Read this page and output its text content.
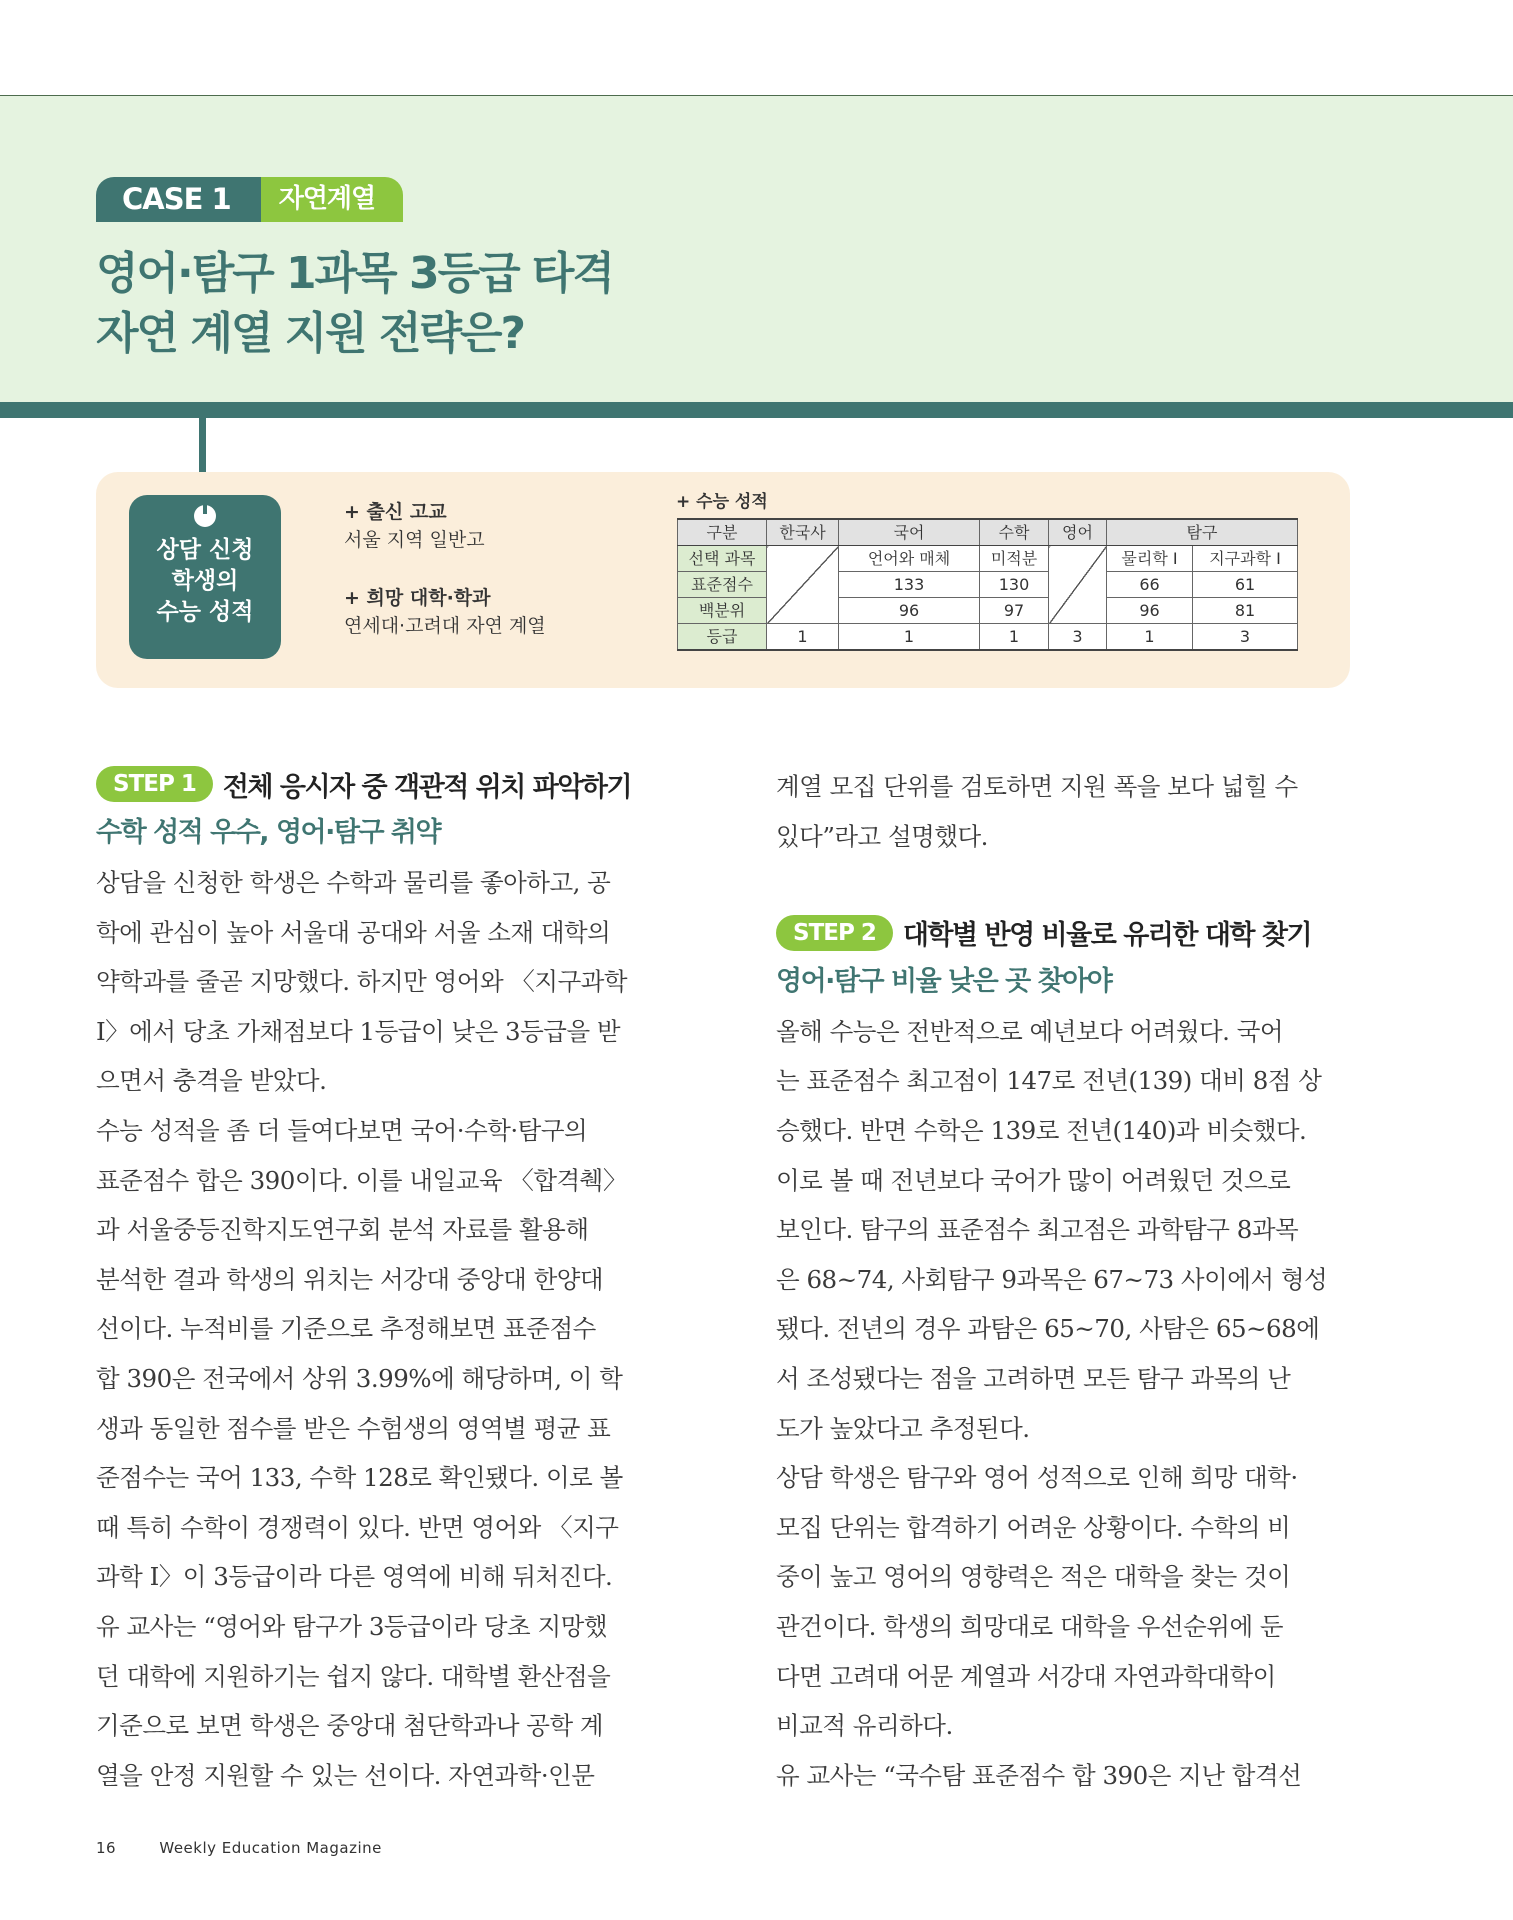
CASE 1	자연계열
영어·탐구 1과목 3등급 타격
자연 계열 지원 전략은?
상담 신청
학생의
수능 성적
+ 출신 고교
서울 지역 일반고
+ 희망 대학·학과
연세대·고려대 자연 계열
+ 수능 성적
구분	한국사	국어	수학	영어	탐구	
선택 과목		언어와 매체	미적분		물리학 Ⅰ	지구과학 Ⅰ
표준점수		133	130		66	61
백분위		96	97		96	81
등급	1	1	1	3	1	3
STEP 1	전체 응시자 중 객관적 위치 파악하기
수학 성적 우수, 영어·탐구 취약
상담을 신청한 학생은 수학과 물리를 좋아하고, 공
학에 관심이 높아 서울대 공대와 서울 소재 대학의
약학과를 줄곧 지망했다. 하지만 영어와 〈지구과학
Ⅰ〉에서 당초 가채점보다 1등급이 낮은 3등급을 받
으면서 충격을 받았다.
수능 성적을 좀 더 들여다보면 국어·수학·탐구의
표준점수 합은 390이다. 이를 내일교육 〈합격췍〉
과 서울중등진학지도연구회 분석 자료를 활용해
분석한 결과 학생의 위치는 서강대 중앙대 한양대
선이다. 누적비를 기준으로 추정해보면 표준점수
합 390은 전국에서 상위 3.99%에 해당하며, 이 학
생과 동일한 점수를 받은 수험생의 영역별 평균 표
준점수는 국어 133, 수학 128로 확인됐다. 이로 볼
때 특히 수학이 경쟁력이 있다. 반면 영어와 〈지구
과학 Ⅰ〉이 3등급이라 다른 영역에 비해 뒤처진다.
유 교사는 “영어와 탐구가 3등급이라 당초 지망했
던 대학에 지원하기는 쉽지 않다. 대학별 환산점을
기준으로 보면 학생은 중앙대 첨단학과나 공학 계
열을 안정 지원할 수 있는 선이다. 자연과학·인문
계열 모집 단위를 검토하면 지원 폭을 보다 넓힐 수
있다”라고 설명했다.
STEP 2	대학별 반영 비율로 유리한 대학 찾기
영어·탐구 비율 낮은 곳 찾아야
올해 수능은 전반적으로 예년보다 어려웠다. 국어
는 표준점수 최고점이 147로 전년(139) 대비 8점 상
승했다. 반면 수학은 139로 전년(140)과 비슷했다.
이로 볼 때 전년보다 국어가 많이 어려웠던 것으로
보인다. 탐구의 표준점수 최고점은 과학탐구 8과목
은 68~74, 사회탐구 9과목은 67~73 사이에서 형성
됐다. 전년의 경우 과탐은 65~70, 사탐은 65~68에
서 조성됐다는 점을 고려하면 모든 탐구 과목의 난
도가 높았다고 추정된다.
상담 학생은 탐구와 영어 성적으로 인해 희망 대학·
모집 단위는 합격하기 어려운 상황이다. 수학의 비
중이 높고 영어의 영향력은 적은 대학을 찾는 것이
관건이다. 학생의 희망대로 대학을 우선순위에 둔
다면 고려대 어문 계열과 서강대 자연과학대학이
비교적 유리하다.
유 교사는 “국수탐 표준점수 합 390은 지난 합격선
16	Weekly Education Magazine
